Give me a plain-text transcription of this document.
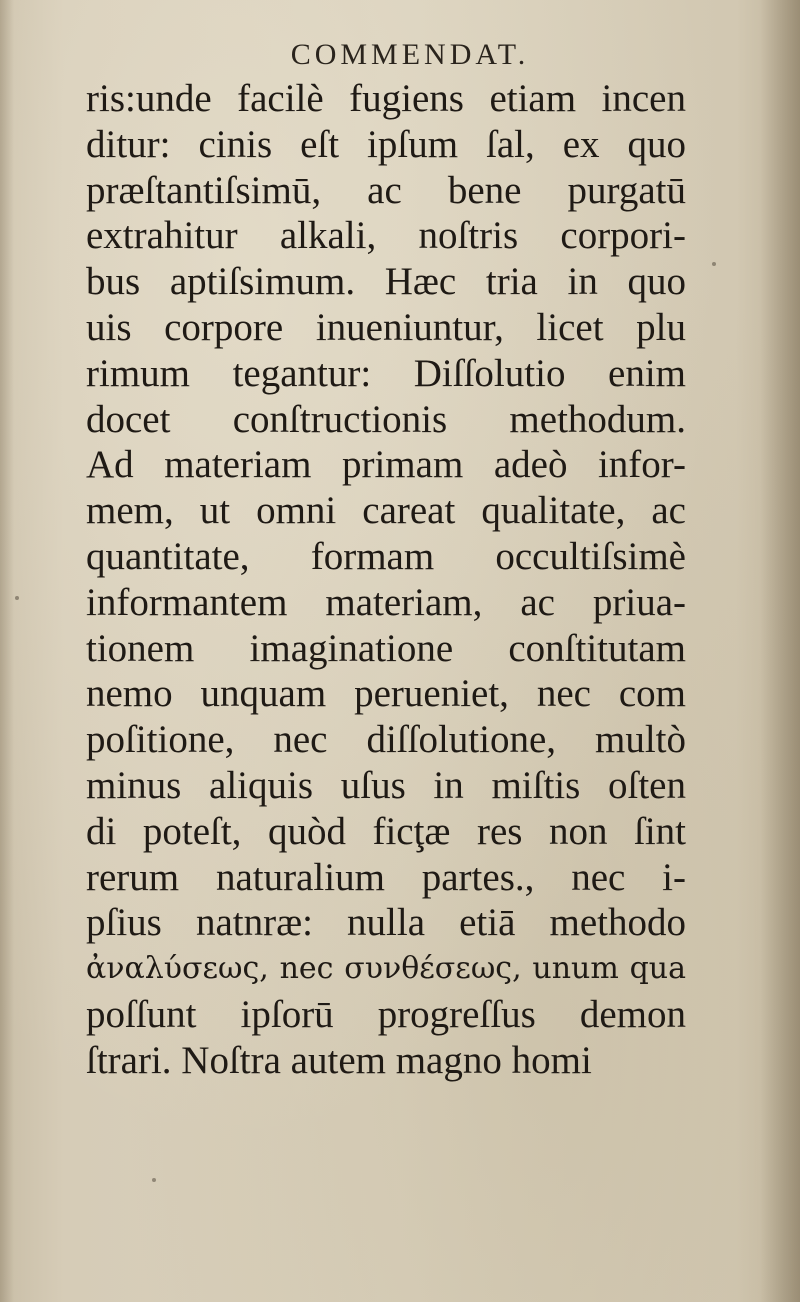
COMMENDAT.
ris:unde facilè fugiens etiam incen
ditur: cinis eſt ipſum ſal, ex quo
præſtantiſsimū, ac bene purgatū
extrahitur alkali, noſtris corpori-
bus aptiſsimum. Hæc tria in quo
uis corpore inueniuntur, licet plu
rimum tegantur: Diſſolutio enim
docet conſtructionis methodum.
Ad materiam primam adeò infor-
mem, ut omni careat qualitate, ac
quantitate, formam occultiſsimè
informantem materiam, ac priua-
tionem imaginatione conſtitutam
nemo unquam perueniet, nec com
poſitione, nec diſſolutione, multò
minus aliquis uſus in miſtis oſten
di poteſt, quòd ficţæ res non ſint
rerum naturalium partes., nec i-
pſius natnræ: nulla etiā methodo
ἀναλύσεως, nec συνθέσεως, unum qua
poſſunt ipſorū progreſſus demon
ſtrari. Noſtra autem magno homi
